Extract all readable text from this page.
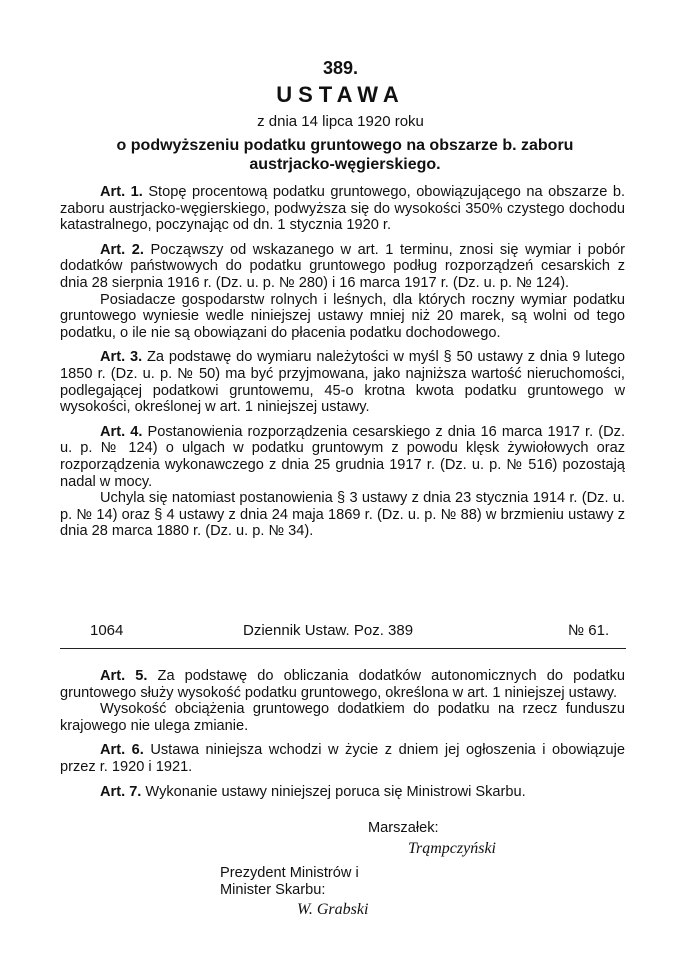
389.
USTAWA
z dnia 14 lipca 1920 roku
o podwyższeniu podatku gruntowego na obszarze b. zaboru austrjacko-węgierskiego.

Art. 1. Stopę procentową podatku gruntowego, obowiązującego na obszarze b. zaboru austrjacko-węgierskiego, podwyższa się do wysokości 350% czystego dochodu katastralnego, poczynając od dn. 1 stycznia 1920 r.

Art. 2. Począwszy od wskazanego w art. 1 terminu, znosi się wymiar i pobór dodatków państwowych do podatku gruntowego podług rozporządzeń cesarskich z dnia 28 sierpnia 1916 r. (Dz. u. p. № 280) i 16 marca 1917 r. (Dz. u. p. № 124).

Posiadacze gospodarstw rolnych i leśnych, dla których roczny wymiar podatku gruntowego wyniesie wedle niniejszej ustawy mniej niż 20 marek, są wolni od tego podatku, o ile nie są obowiązani do płacenia podatku dochodowego.

Art. 3. Za podstawę do wymiaru należytości w myśl § 50 ustawy z dnia 9 lutego 1850 r. (Dz. u. p. № 50) ma być przyjmowana, jako najniższa wartość nieruchomości, podlegającej podatkowi gruntowemu, 45-o krotna kwota podatku gruntowego w wysokości, określonej w art. 1 niniejszej ustawy.

Art. 4. Postanowienia rozporządzenia cesarskiego z dnia 16 marca 1917 r. (Dz. u. p. № 124) o ulgach w podatku gruntowym z powodu klęsk żywiołowych oraz rozporządzenia wykonawczego z dnia 25 grudnia 1917 r. (Dz. u. p. № 516) pozostają nadal w mocy.

Uchyla się natomiast postanowienia § 3 ustawy z dnia 23 stycznia 1914 r. (Dz. u. p. № 14) oraz § 4 ustawy z dnia 24 maja 1869 r. (Dz. u. p. № 88) w brzmieniu ustawy z dnia 28 marca 1880 r. (Dz. u. p. № 34).

1064	Dziennik Ustaw. Poz. 389	№ 61.

Art. 5. Za podstawę do obliczania dodatków autonomicznych do podatku gruntowego służy wysokość podatku gruntowego, określona w art. 1 niniejszej ustawy.

Wysokość obciążenia gruntowego dodatkiem do podatku na rzecz funduszu krajowego nie ulega zmianie.

Art. 6. Ustawa niniejsza wchodzi w życie z dniem jej ogłoszenia i obowiązuje przez r. 1920 i 1921.

Art. 7. Wykonanie ustawy niniejszej poruca się Ministrowi Skarbu.

Marszałek:
Trąmpczyński
Prezydent Ministrów i
Minister Skarbu:
W. Grabski
